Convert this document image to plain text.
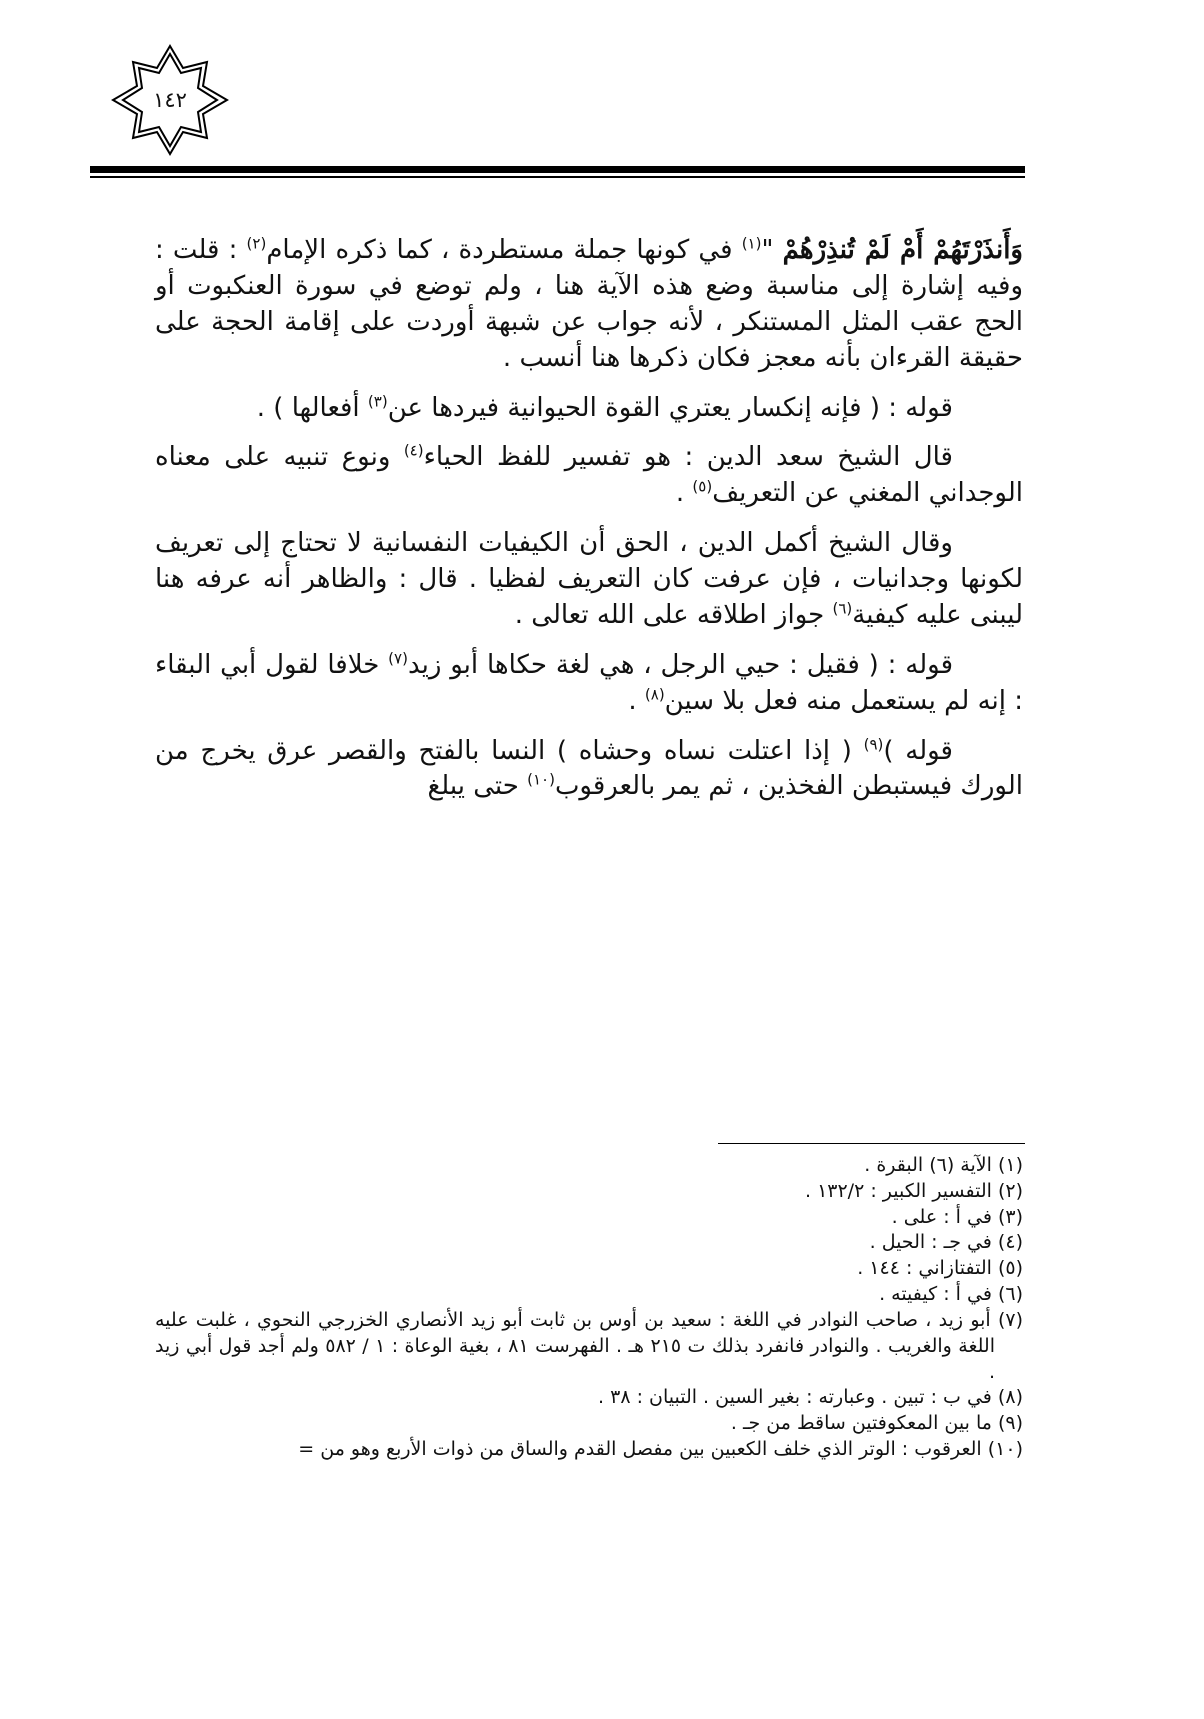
١٤٢

وَأَنذَرْتَهُمْ أَمْ لَمْ تُنذِرْهُمْ "$^{(١)}$ في كونها جملة مستطردة ، كما ذكره الإمام$^{(٢)}$ : قلت : وفيه إشارة إلى مناسبة وضع هذه الآية هنا ، ولم توضع في سورة العنكبوت أو الحج عقب المثل المستنكر ، لأنه جواب عن شبهة أوردت على إقامة الحجة على حقيقة القرءان بأنه معجز فكان ذكرها هنا أنسب .

قوله : ( فإنه إنكسار يعتري القوة الحيوانية فيردها عن$^{(٣)}$ أفعالها ) .

قال الشيخ سعد الدين : هو تفسير للفظ الحياء$^{(٤)}$ ونوع تنبيه على معناه الوجداني المغني عن التعريف$^{(٥)}$ .

وقال الشيخ أكمل الدين ، الحق أن الكيفيات النفسانية لا تحتاج إلى تعريف لكونها وجدانيات ، فإن عرفت كان التعريف لفظيا . قال : والظاهر أنه عرفه هنا ليبنى عليه كيفية$^{(٦)}$ جواز اطلاقه على الله تعالى .

قوله : ( فقيل : حيي الرجل ، هي لغة حكاها أبو زيد$^{(٧)}$ خلافا لقول أبي البقاء : إنه لم يستعمل منه فعل بلا سين$^{(٨)}$ .

قوله )$^{(٩)}$ ( إذا اعتلت نساه وحشاه ) النسا بالفتح والقصر عرق يخرج من الورك فيستبطن الفخذين ، ثم يمر بالعرقوب$^{(١٠)}$ حتى يبلغ

(١) الآية (٦) البقرة .

(٢) التفسير الكبير : ١٣٢/٢ .

(٣) في أ : على .

(٤) في جـ : الحيل .

(٥) التفتازاني : ١٤٤ .

(٦) في أ : كيفيته .

(٧) أبو زيد ، صاحب النوادر في اللغة : سعيد بن أوس بن ثابت أبو زيد الأنصاري الخزرجي النحوي ، غلبت عليه اللغة والغريب . والنوادر فانفرد بذلك ت ٢١٥ هـ . الفهرست ٨١ ، بغية الوعاة : ١ / ٥٨٢ ولم أجد قول أبي زيد .

(٨) في ب : تبين . وعبارته : بغير السين . التبيان : ٣٨ .

(٩) ما بين المعكوفتين ساقط من جـ .

(١٠) العرقوب : الوتر الذي خلف الكعبين بين مفصل القدم والساق من ذوات الأربع وهو من =
